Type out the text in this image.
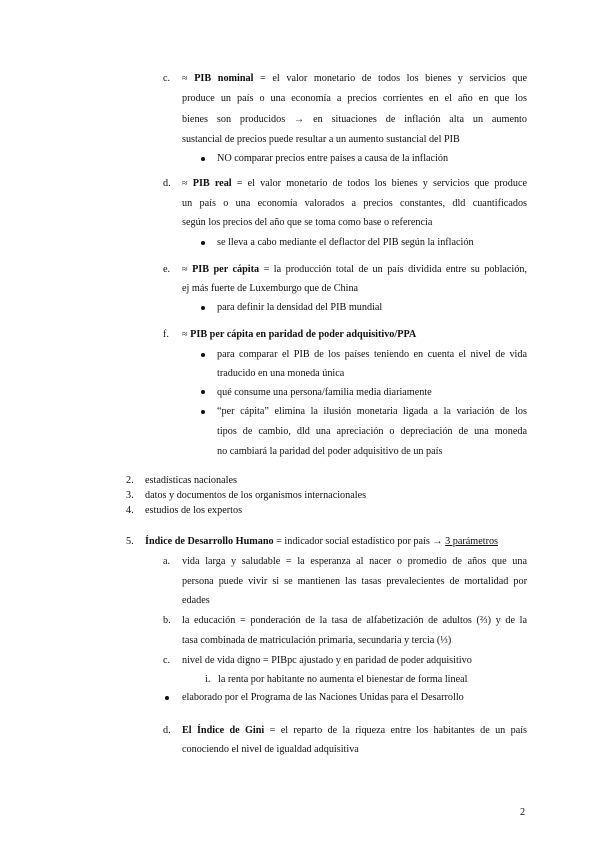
c. ≈ PIB nominal = el valor monetario de todos los bienes y servicios que
produce un país o una economía a precios corrientes en el año en que los
bienes son producidos → en situaciones de inflación alta un aumento
sustancial de precios puede resultar a un aumento sustancial del PIB
NO comparar precios entre países a causa de la inflación
d. ≈ PIB real = el valor monetario de todos los bienes y servicios que produce
un país o una economía valorados a precios constantes, dld cuantificados
según los precios del año que se toma como base o referencia
se lleva a cabo mediante el deflactor del PIB según la inflación
e. ≈ PIB per cápita = la producción total de un país dividida entre su población,
ej más fuerte de Luxemburgo que de China
para definir la densidad del PIB mundial
f. ≈ PIB per cápita en paridad de poder adquisitivo/PPA
para comparar el PIB de los países teniendo en cuenta el nivel de vida
traducido en una moneda única
qué consume una persona/familia media diariamente
“per cápita” elimina la ilusión monetaria ligada a la variación de los
tipos de cambio, dld una apreciación o depreciación de una moneda
no cambiará la paridad del poder adquisitivo de un país
2. estadísticas nacionales
3. datos y documentos de los organismos internacionales
4. estudios de los expertos
5. Índice de Desarrollo Humano = indicador social estadístico por país → 3 parámetros
a. vida larga y saludable = la esperanza al nacer o promedio de años que una
persona puede vivir si se mantienen las tasas prevalecientes de mortalidad por
edades
b. la educación = ponderación de la tasa de alfabetización de adultos (⅔) y de la
tasa combinada de matriculación primaria, secundaria y tercia (⅓)
c. nivel de vida digno = PIBpc ajustado y en paridad de poder adquisitivo
i. la renta por habitante no aumenta el bienestar de forma lineal
elaborado por el Programa de las Naciones Unidas para el Desarrollo
d. El Índice de Gini = el reparto de la riqueza entre los habitantes de un país
conociendo el nivel de igualdad adquisitiva
2
